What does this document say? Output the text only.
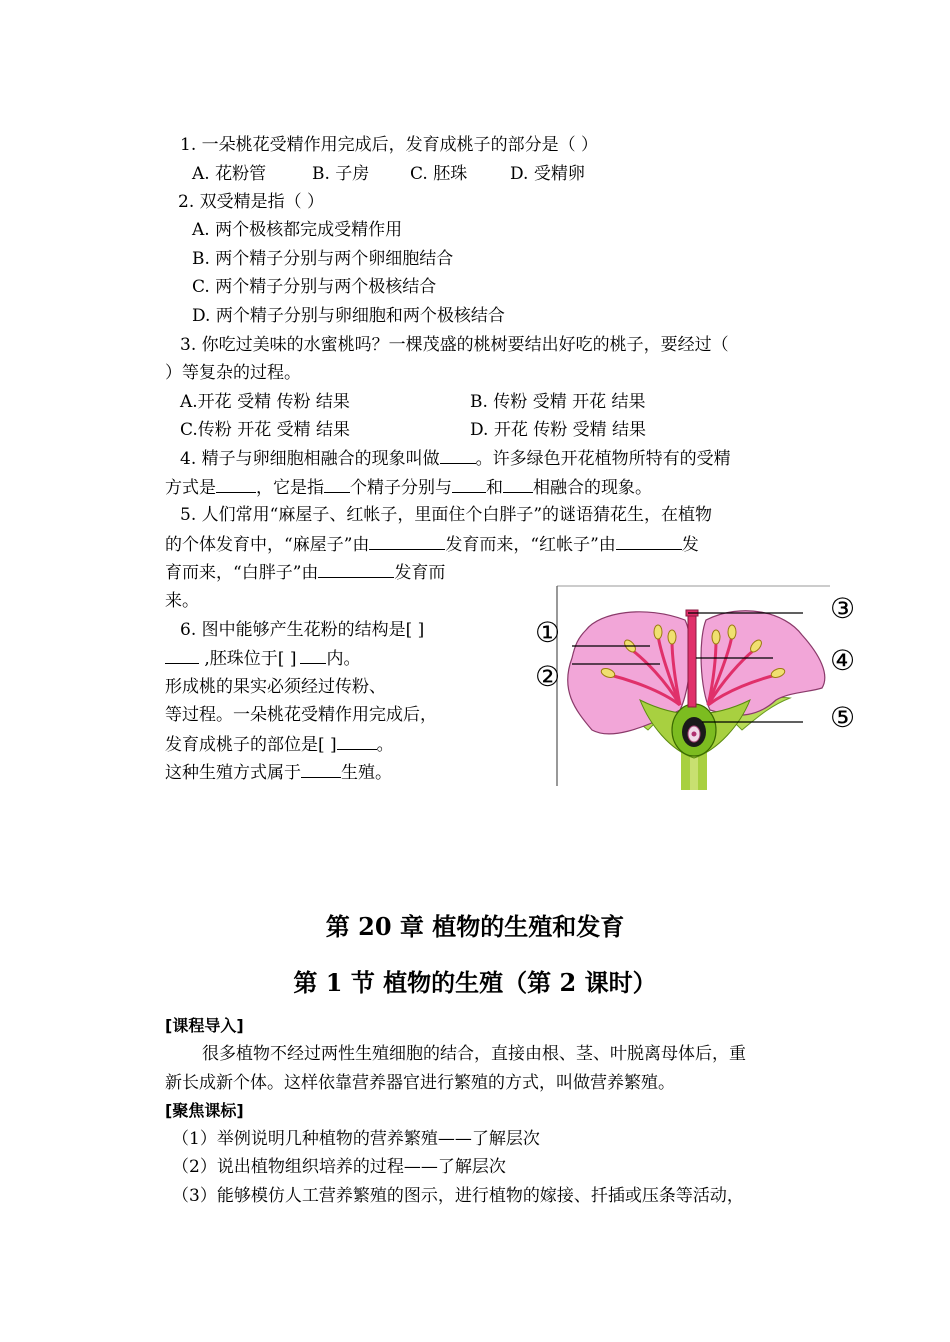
1. 一朵桃花受精作用完成后，发育成桃子的部分是（ ）
A. 花粉管	B. 子房 C. 胚珠	D. 受精卵
2. 双受精是指（ ）
A. 两个极核都完成受精作用
B. 两个精子分别与两个卵细胞结合
C. 两个精子分别与两个极核结合
D. 两个精子分别与卵细胞和两个极核结合
3. 你吃过美味的水蜜桃吗？一棵茂盛的桃树要结出好吃的桃子，要经过（
）等复杂的过程。
A.开花 受精 传粉 结果	B. 传粉 受精 开花 结果
C.传粉 开花 受精 结果	D. 开花 传粉 受精 结果
4. 精子与卵细胞相融合的现象叫做 。许多绿色开花植物所特有的受精
方式是 ，它是指 个精子分别与 和 相融合的现象。
5. 人们常用“麻屋子、红帐子，里面住个白胖子”的谜语猜花生，在植物
的个体发育中，“麻屋子”由	发育而来，“红帐子”由	发
育而来，“白胖子”由	发育而
来。
6. 图中能够产生花粉的结构是[ ]
,胚珠位于[ ] 内。
形成桃的果实必须经过传粉、
等过程。一朵桃花受精作用完成后，
发育成桃子的部位是[ ] 。
这种生殖方式属于 生殖。
①
②
③
④
⑤
第 20 章 植物的生殖和发育
第 1 节 植物的生殖（第 2 课时）
[课程导入]
很多植物不经过两性生殖细胞的结合，直接由根、茎、叶脱离母体后，重
新长成新个体。这样依靠营养器官进行繁殖的方式，叫做营养繁殖。
[聚焦课标]
（1）举例说明几种植物的营养繁殖——了解层次
（2）说出植物组织培养的过程——了解层次
（3）能够模仿人工营养繁殖的图示，进行植物的嫁接、扦插或压条等活动，
